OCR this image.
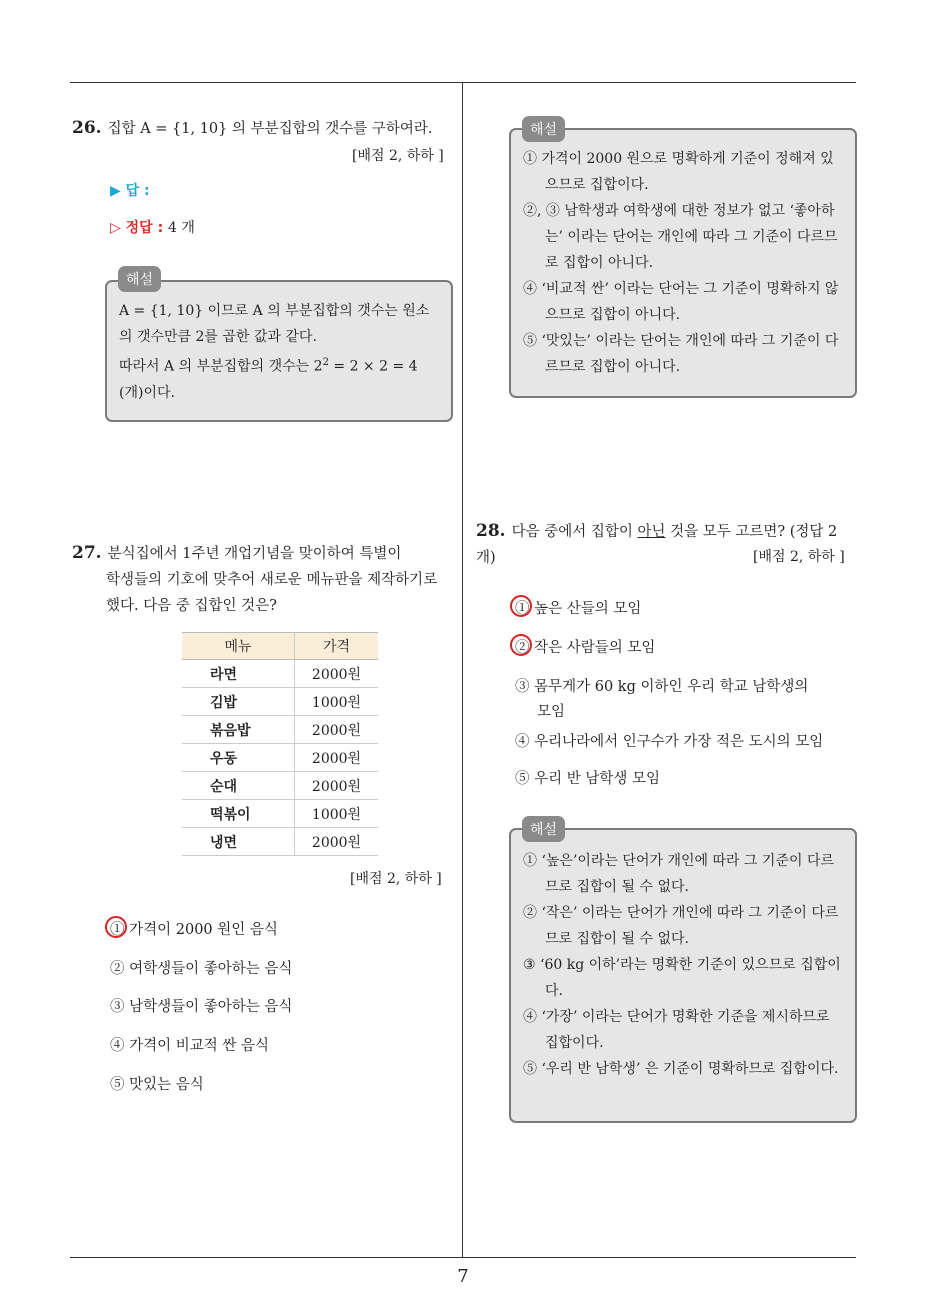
7
26. 집합 A = {1, 10} 의 부분집합의 갯수를 구하여라.
[배점 2, 하하 ]
▶ 답 :
▷ 정답 : 4 개
A = {1, 10} 이므로 A 의 부분집합의 갯수는 원소의 갯수만큼 2를 곱한 값과 같다.
따라서 A 의 부분집합의 갯수는 $2^2 = 2 \times 2 = 4$ (개)이다.
해설
① 가격이 2000 원으로 명확하게 기준이 정해져 있으므로 집합이다.
②, ③ 남학생과 여학생에 대한 정보가 없고 ‘좋아하는’ 이라는 단어는 개인에 따라 그 기준이 다르므로 집합이 아니다.
④ ‘비교적 싼’ 이라는 단어는 그 기준이 명확하지 않으므로 집합이 아니다.
⑤ ‘맛있는’ 이라는 단어는 개인에 따라 그 기준이 다르므로 집합이 아니다.
해설
27. 분식집에서 1주년 개업기념을 맞이하여 특별이
학생들의 기호에 맞추어 새로운 메뉴판을 제작하기로
했다. 다음 중 집합인 것은?
메뉴	가격
라면	2000원
김밥	1000원
볶음밥	2000원
우동	2000원
순대	2000원
떡볶이	1000원
냉면	2000원
[배점 2, 하하 ]
① 가격이 2000 원인 음식
② 여학생들이 좋아하는 음식
③ 남학생들이 좋아하는 음식
④ 가격이 비교적 싼 음식
⑤ 맛있는 음식
28. 다음 중에서 집합이 아닌 것을 모두 고르면? (정답 2 개)	[배점 2, 하하 ]
① 높은 산들의 모임
② 작은 사람들의 모임
③ 몸무게가 60 kg 이하인 우리 학교 남학생의
모임
④ 우리나라에서 인구수가 가장 적은 도시의 모임
⑤ 우리 반 남학생 모임
① ‘높은’이라는 단어가 개인에 따라 그 기준이 다르므로 집합이 될 수 없다.
② ‘작은’ 이라는 단어가 개인에 따라 그 기준이 다르므로 집합이 될 수 없다.
③ ‘60 kg 이하’라는 명확한 기준이 있으므로 집합이다.
④ ‘가장’ 이라는 단어가 명확한 기준을 제시하므로 집합이다.
⑤ ‘우리 반 남학생’ 은 기준이 명확하므로 집합이다.
해설
